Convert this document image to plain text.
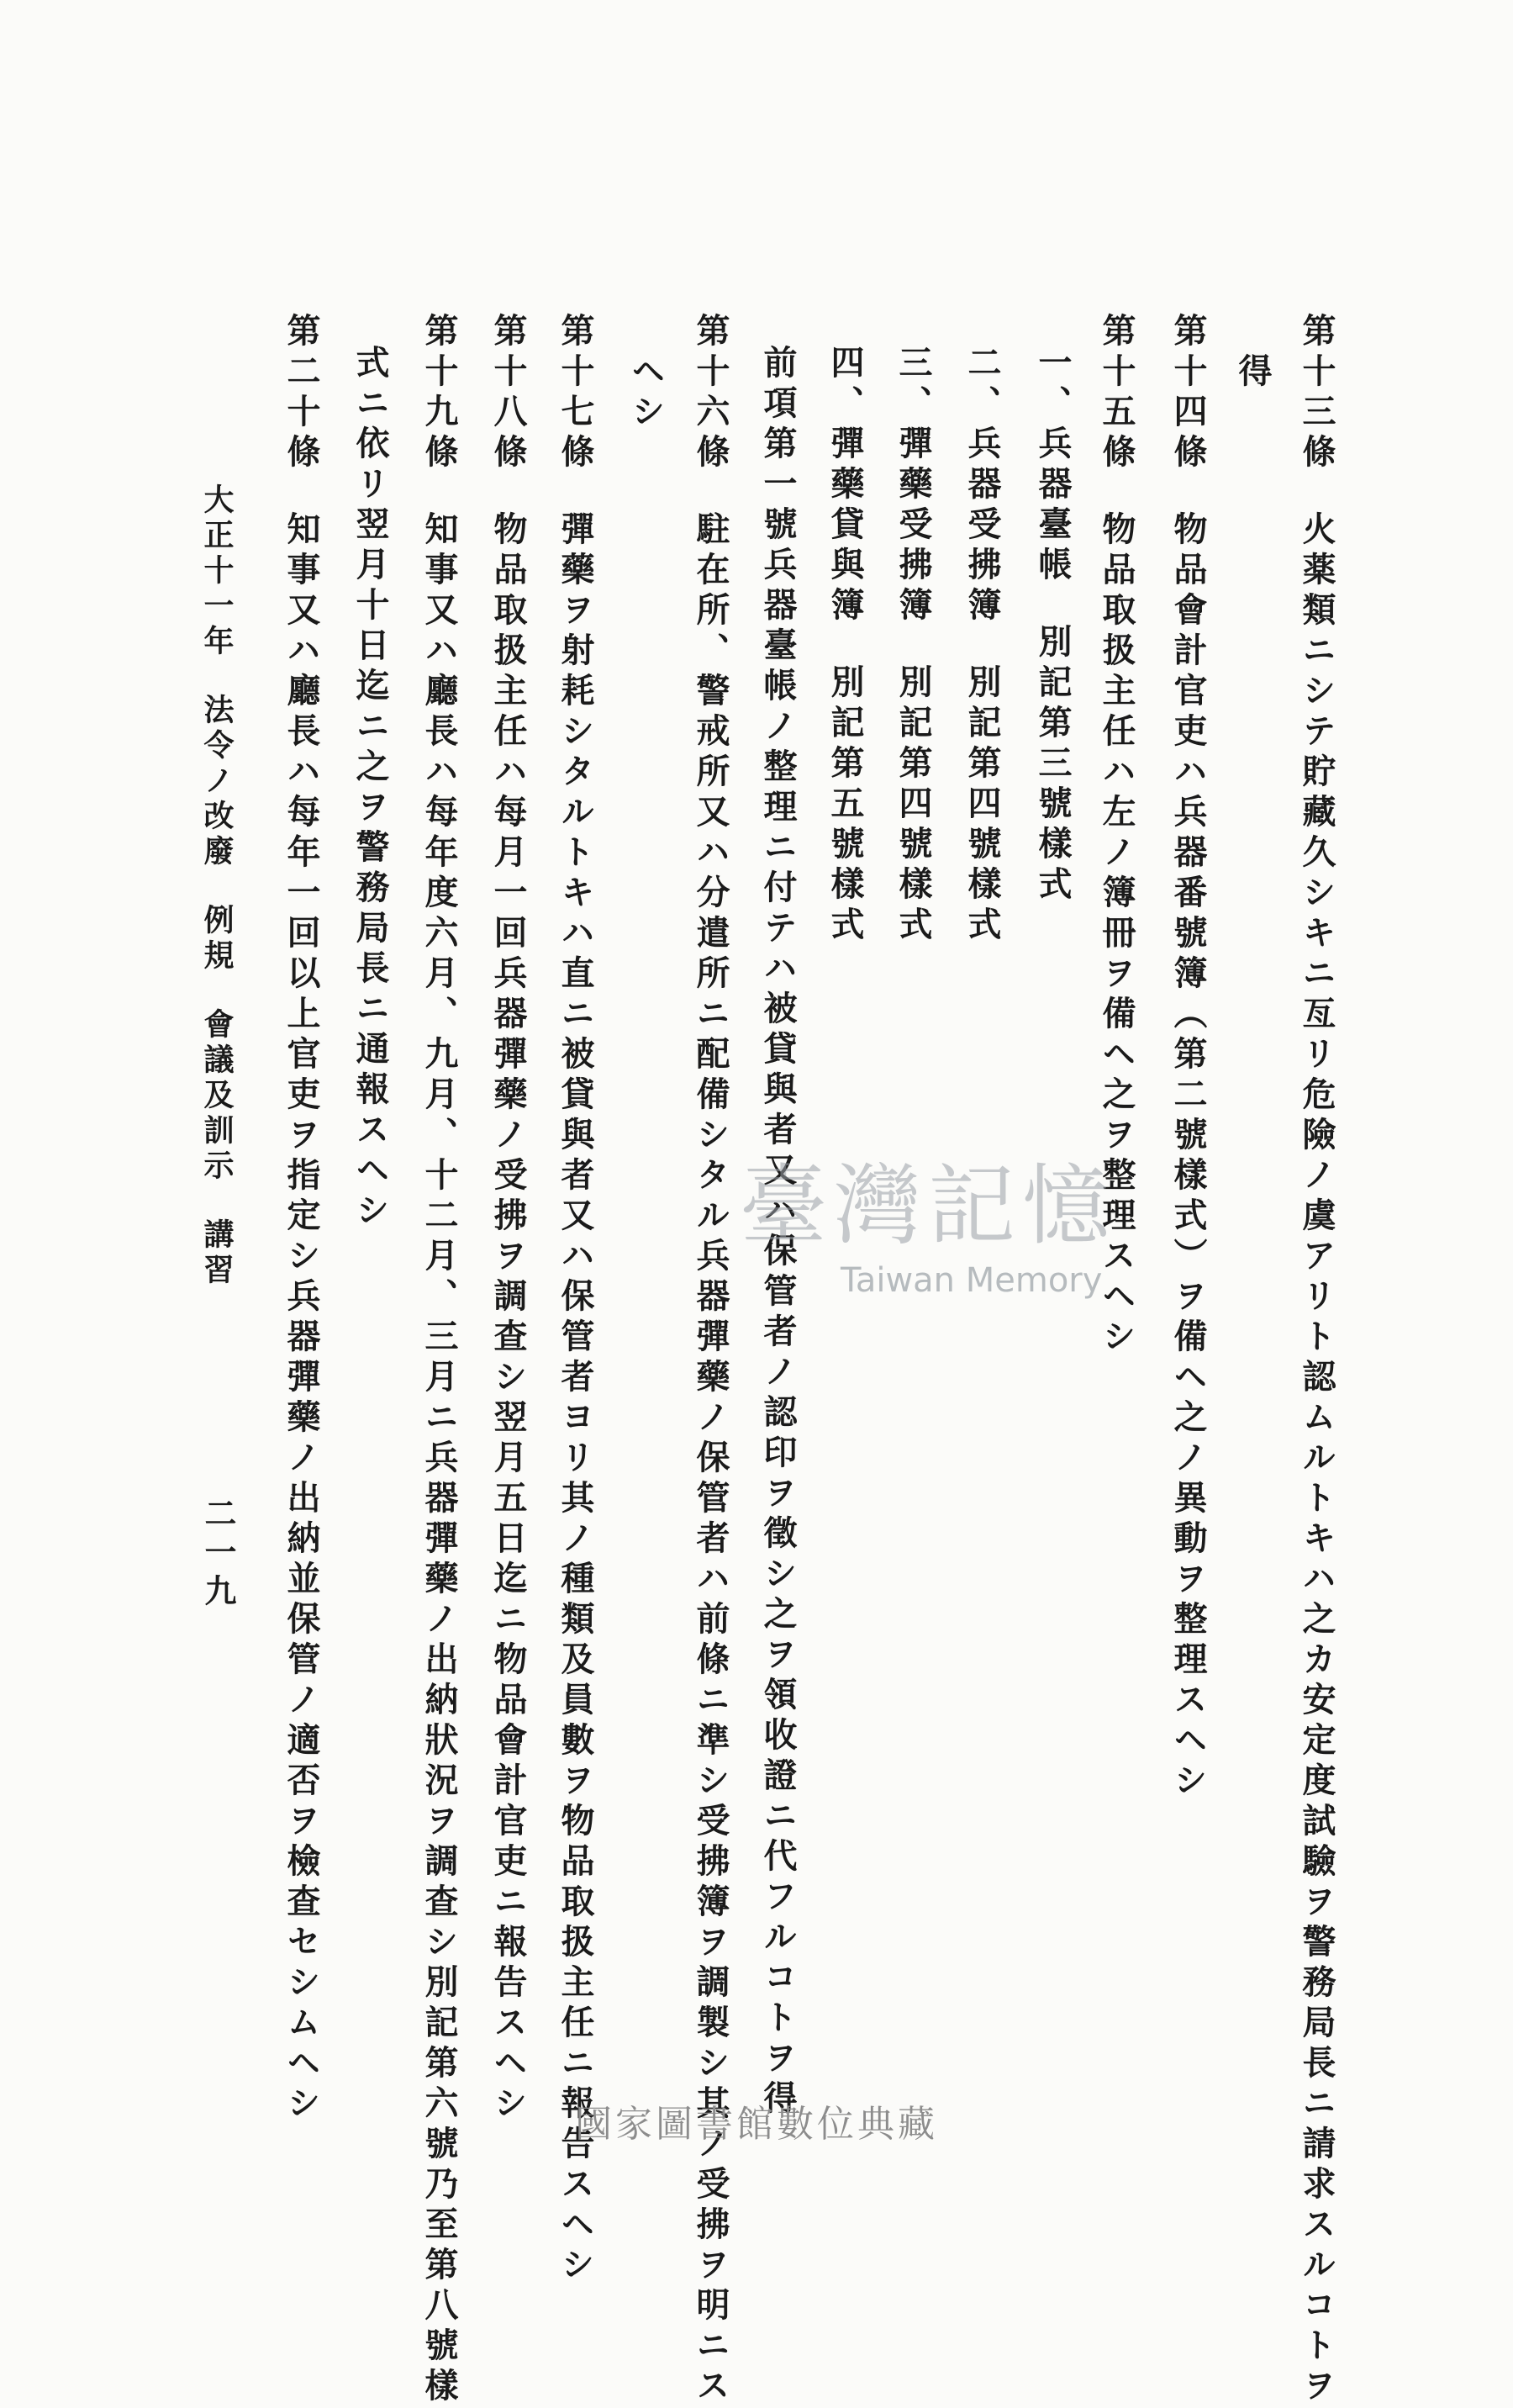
第十三條火薬類ニシテ貯藏久シキニ亙リ危險ノ虞アリト認ムルトキハ之カ安定度試驗ヲ警務局長ニ請求スルコトヲ
得
第十四條物品會計官吏ハ兵器番號簿（第二號樣式）ヲ備ヘ之ノ異動ヲ整理スヘシ
第十五條物品取扱主任ハ左ノ簿冊ヲ備ヘ之ヲ整理スヘシ
一、兵器臺帳別記第三號樣式
二、兵器受拂簿別記第四號樣式
三、彈藥受拂簿別記第四號樣式
四、彈藥貸與簿別記第五號樣式
前項第一號兵器臺帳ノ整理ニ付テハ被貸與者又ハ保管者ノ認印ヲ徵シ之ヲ領收證ニ代フルコトヲ得
第十六條駐在所、警戒所又ハ分遣所ニ配備シタル兵器彈藥ノ保管者ハ前條ニ準シ受拂簿ヲ調製シ其ノ受拂ヲ明ニス
ヘシ
第十七條彈藥ヲ射耗シタルトキハ直ニ被貸與者又ハ保管者ヨリ其ノ種類及員數ヲ物品取扱主任ニ報告スヘシ
第十八條物品取扱主任ハ每月一回兵器彈藥ノ受拂ヲ調查シ翌月五日迄ニ物品會計官吏ニ報告スヘシ
第十九條知事又ハ廳長ハ每年度六月、九月、十二月、三月ニ兵器彈藥ノ出納狀況ヲ調查シ別記第六號乃至第八號樣
式ニ依リ翌月十日迄ニ之ヲ警務局長ニ通報スヘシ
第二十條知事又ハ廳長ハ每年一回以上官吏ヲ指定シ兵器彈藥ノ出納並保管ノ適否ヲ檢查セシムヘシ
大正十一年法令ノ改廢例規會議及訓示講習
二一九
臺灣記憶
Taiwan Memory
國家圖書館數位典藏
